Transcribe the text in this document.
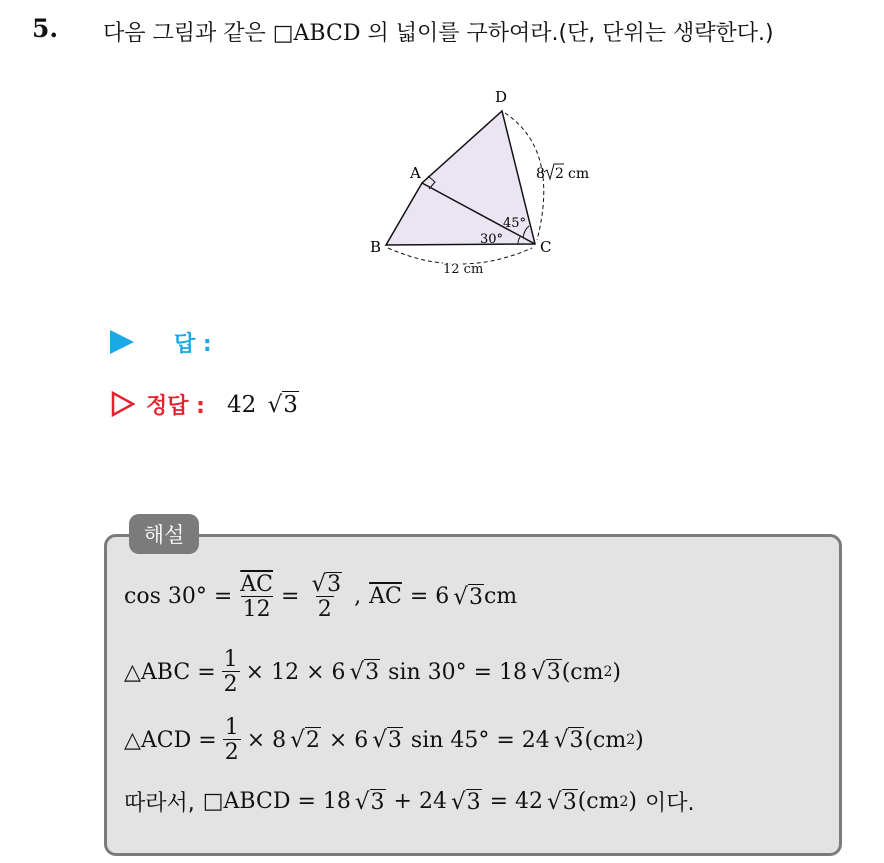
5. 다음 그림과 같은 □ABCD 의 넓이를 구하여라.(단, 단위는 생략한다.)
D
A
B	C
45°
30°
12 cm
8 2 cm
답 :
정답 : 42 √ 3
해설
$\cos 30^\circ = \frac{\overline{AC}}{12} = \frac{√ 3}{2}$ , $\overline{AC} = 6$ √ 3 cm
△ABC = $\frac{1}{2} \times 12 \times 6$ √ 3 sin 30° = 18 √ 3 (cm 2 )
△ACD = $\frac{1}{2} \times 8$ √ 2 × 6 √ 3 sin 45° = 24 √ 3 (cm 2 )
따라서, □ABCD = 18 √ 3 + 24 √ 3 = 42 √ 3 (cm 2 ) 이다.
